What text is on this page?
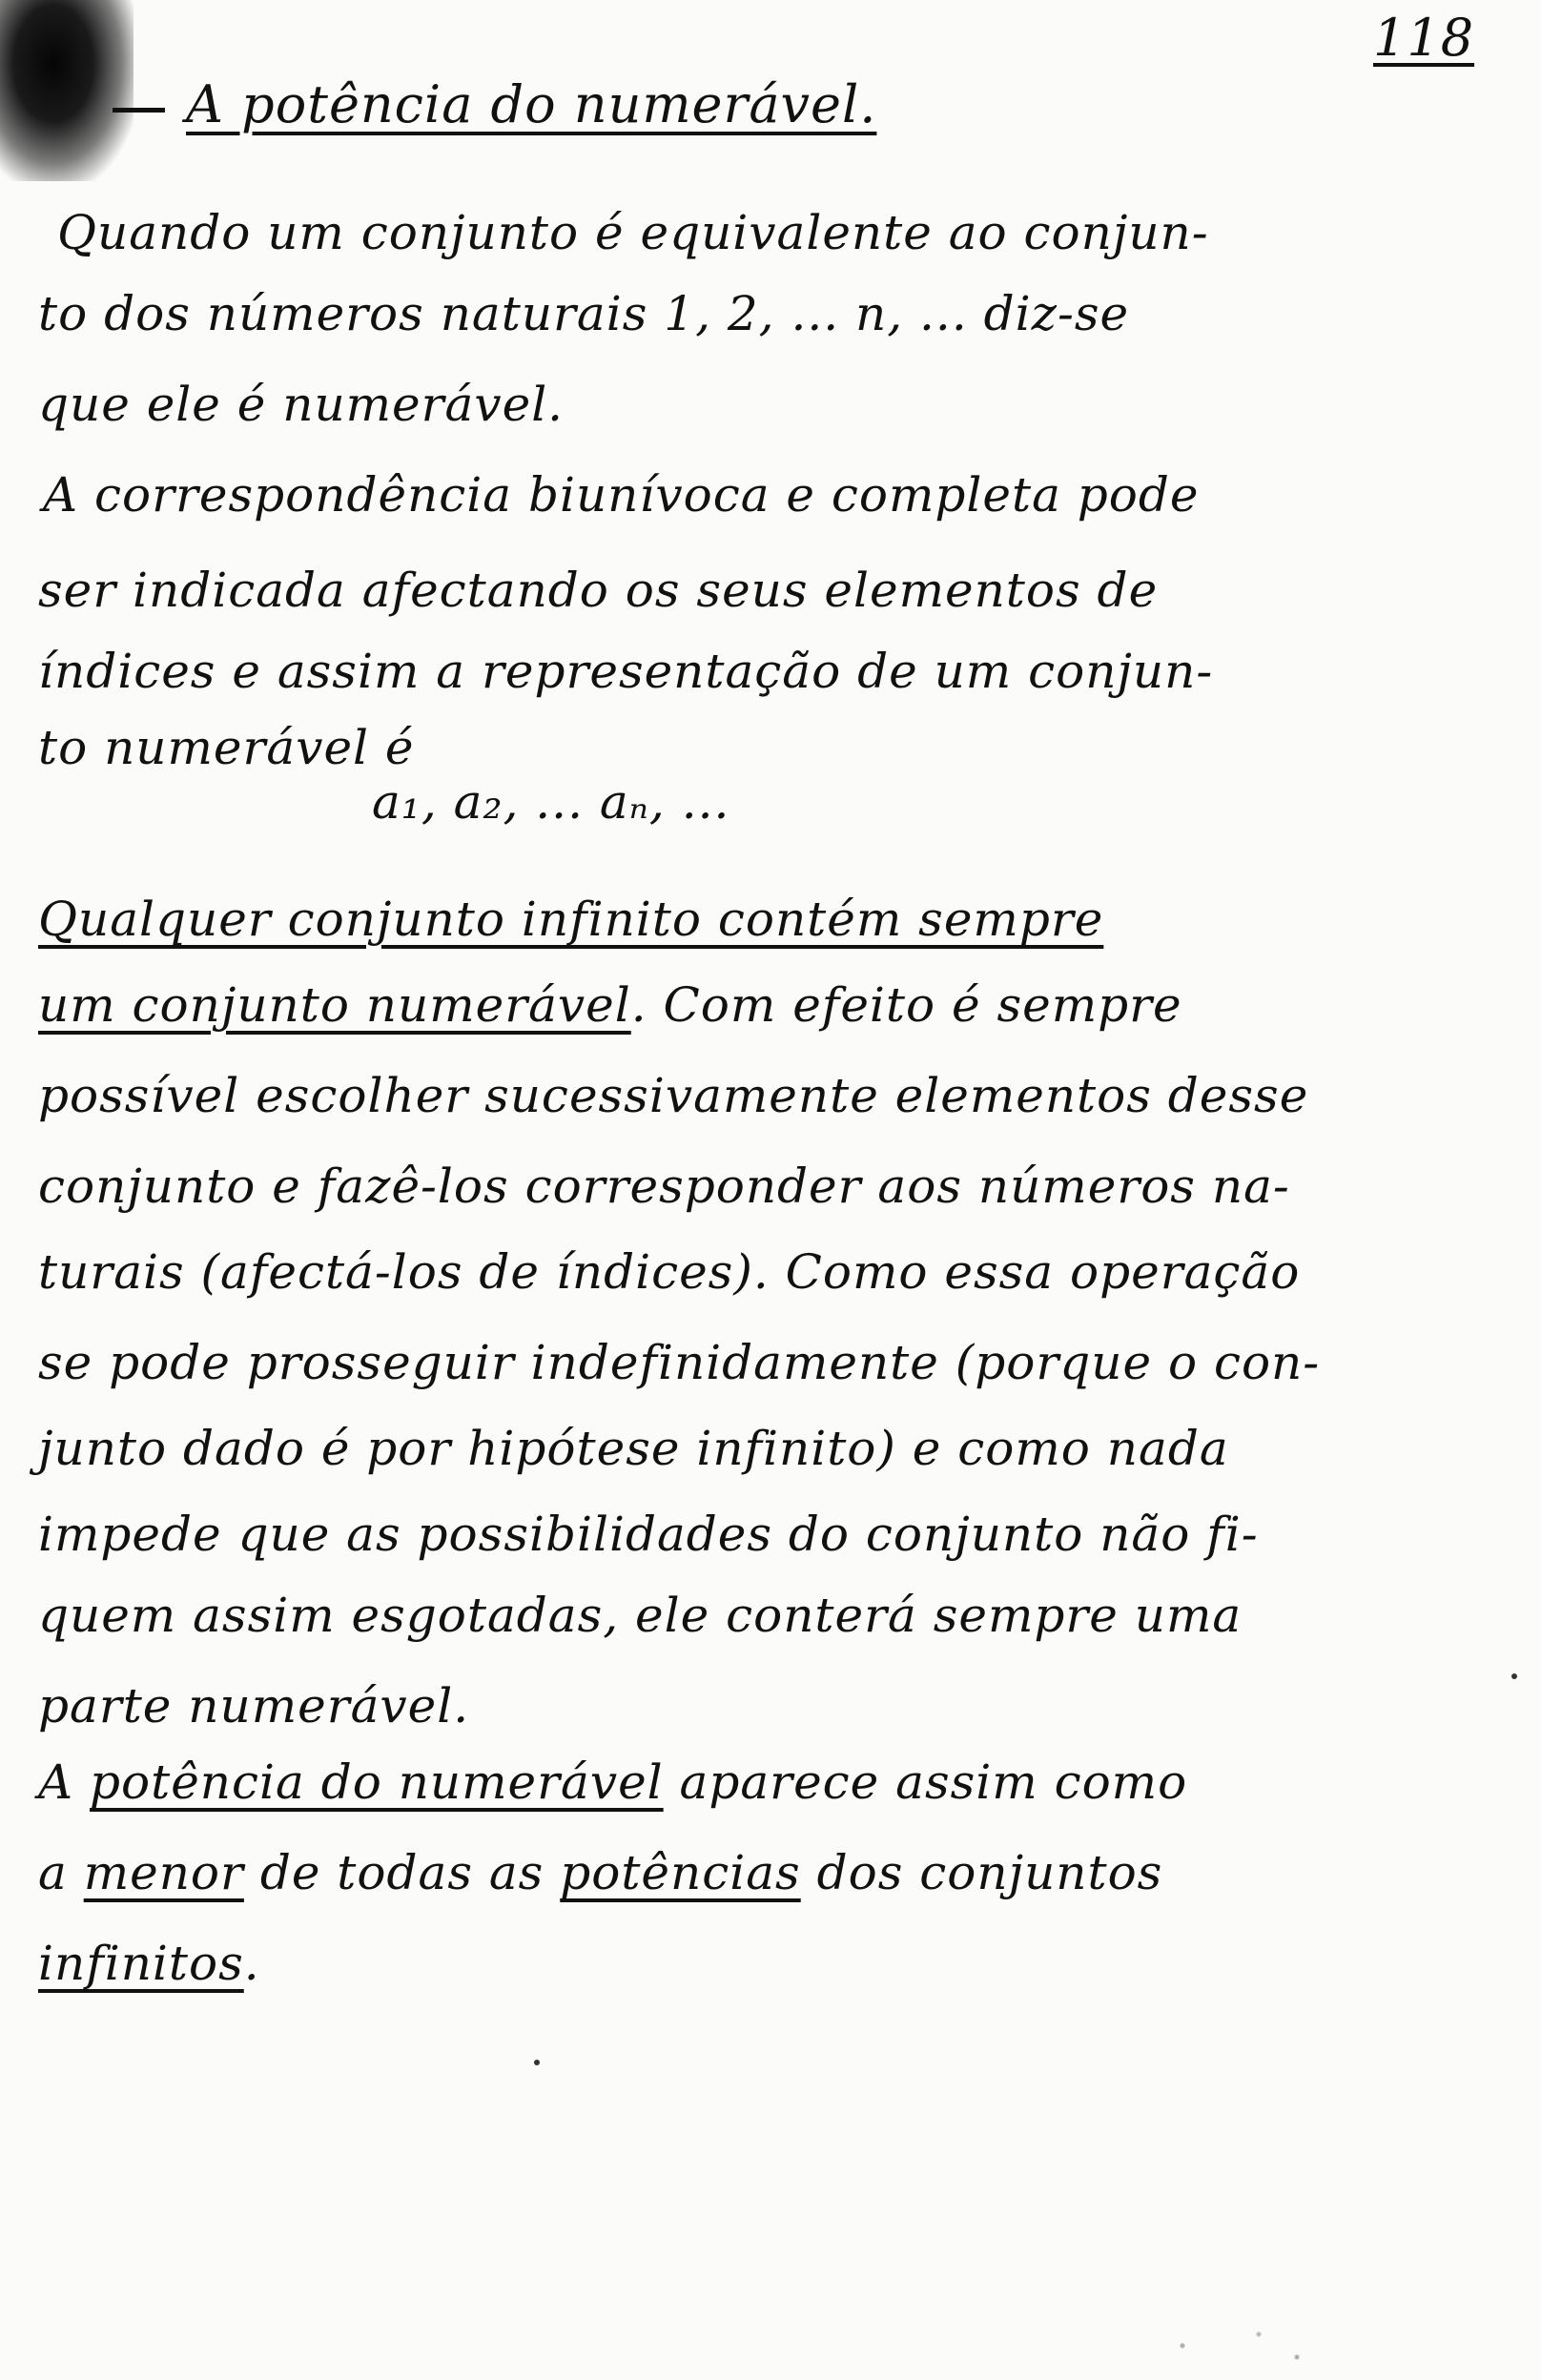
118
A potência do numerável.
Quando um conjunto é equivalente ao conjun-
to dos números naturais 1, 2, ... n, ... diz-se
que ele é numerável.
A correspondência biunívoca e completa pode
ser indicada afectando os seus elementos de
índices e assim a representação de um conjun-
to numerável é
a₁, a₂, ... aₙ, ...
Qualquer conjunto infinito contém sempre
um conjunto numerável. Com efeito é sempre
possível escolher sucessivamente elementos desse
conjunto e fazê-los corresponder aos números na-
turais (afectá-los de índices). Como essa operação
se pode prosseguir indefinidamente (porque o con-
junto dado é por hipótese infinito) e como nada
impede que as possibilidades do conjunto não fi-
quem assim esgotadas, ele conterá sempre uma
parte numerável.
A potência do numerável aparece assim como
a menor de todas as potências dos conjuntos
infinitos.
